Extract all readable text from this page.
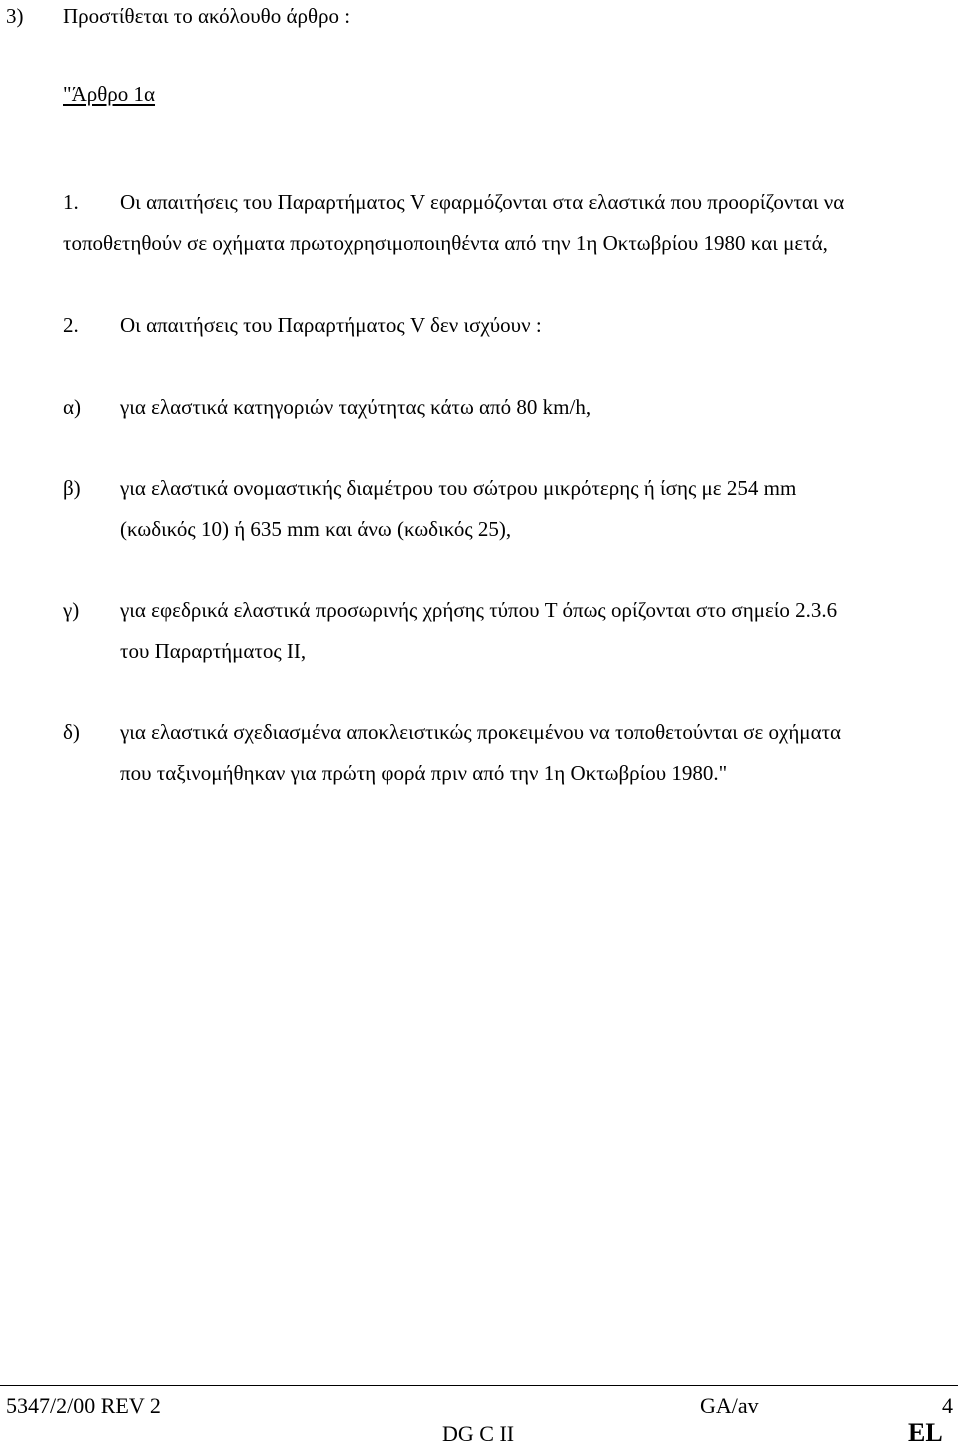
3) Προστίθεται το ακόλουθο άρθρο :
"Άρθρο 1α
1. Οι απαιτήσεις του Παραρτήματος V εφαρμόζονται στα ελαστικά που προορίζονται να
τοποθετηθούν σε οχήματα πρωτοχρησιμοποιηθέντα από την 1η Οκτωβρίου 1980 και μετά,
2. Οι απαιτήσεις του Παραρτήματος V δεν ισχύουν :
α) για ελαστικά κατηγοριών ταχύτητας κάτω από 80 km/h,
β) για ελαστικά ονομαστικής διαμέτρου του σώτρου μικρότερης ή ίσης με 254 mm
(κωδικός 10) ή 635 mm και άνω (κωδικός 25),
γ) για εφεδρικά ελαστικά προσωρινής χρήσης τύπου T όπως ορίζονται στο σημείο 2.3.6
του Παραρτήματος II,
δ) για ελαστικά σχεδιασμένα αποκλειστικώς προκειμένου να τοποθετούνται σε οχήματα
που ταξινομήθηκαν για πρώτη φορά πριν από την 1η Οκτωβρίου 1980."
5347/2/00 REV 2	GA/av	4
DG C II	EL
